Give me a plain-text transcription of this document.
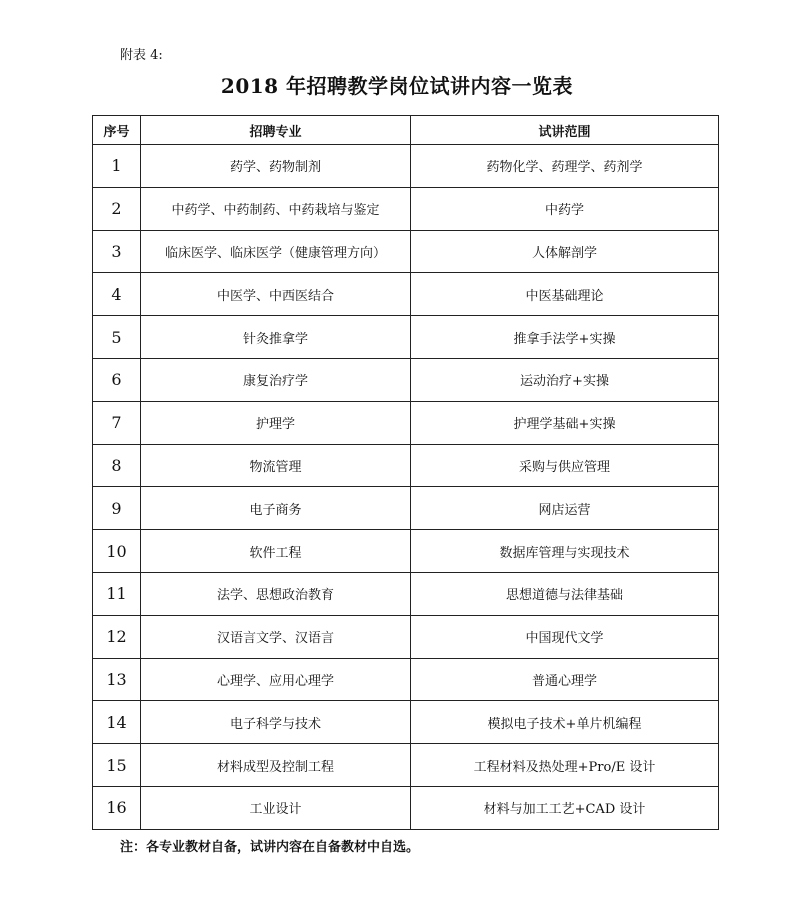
附表 4:
2018 年招聘教学岗位试讲内容一览表
序号	招聘专业	试讲范围
1	药学、药物制剂	药物化学、药理学、药剂学
2	中药学、中药制药、中药栽培与鉴定	中药学
3	临床医学、临床医学（健康管理方向）	人体解剖学
4	中医学、中西医结合	中医基础理论
5	针灸推拿学	推拿手法学+实操
6	康复治疗学	运动治疗+实操
7	护理学	护理学基础+实操
8	物流管理	采购与供应管理
9	电子商务	网店运营
10	软件工程	数据库管理与实现技术
11	法学、思想政治教育	思想道德与法律基础
12	汉语言文学、汉语言	中国现代文学
13	心理学、应用心理学	普通心理学
14	电子科学与技术	模拟电子技术+单片机编程
15	材料成型及控制工程	工程材料及热处理+Pro/E 设计
16	工业设计	材料与加工工艺+CAD 设计
注：各专业教材自备，试讲内容在自备教材中自选。
